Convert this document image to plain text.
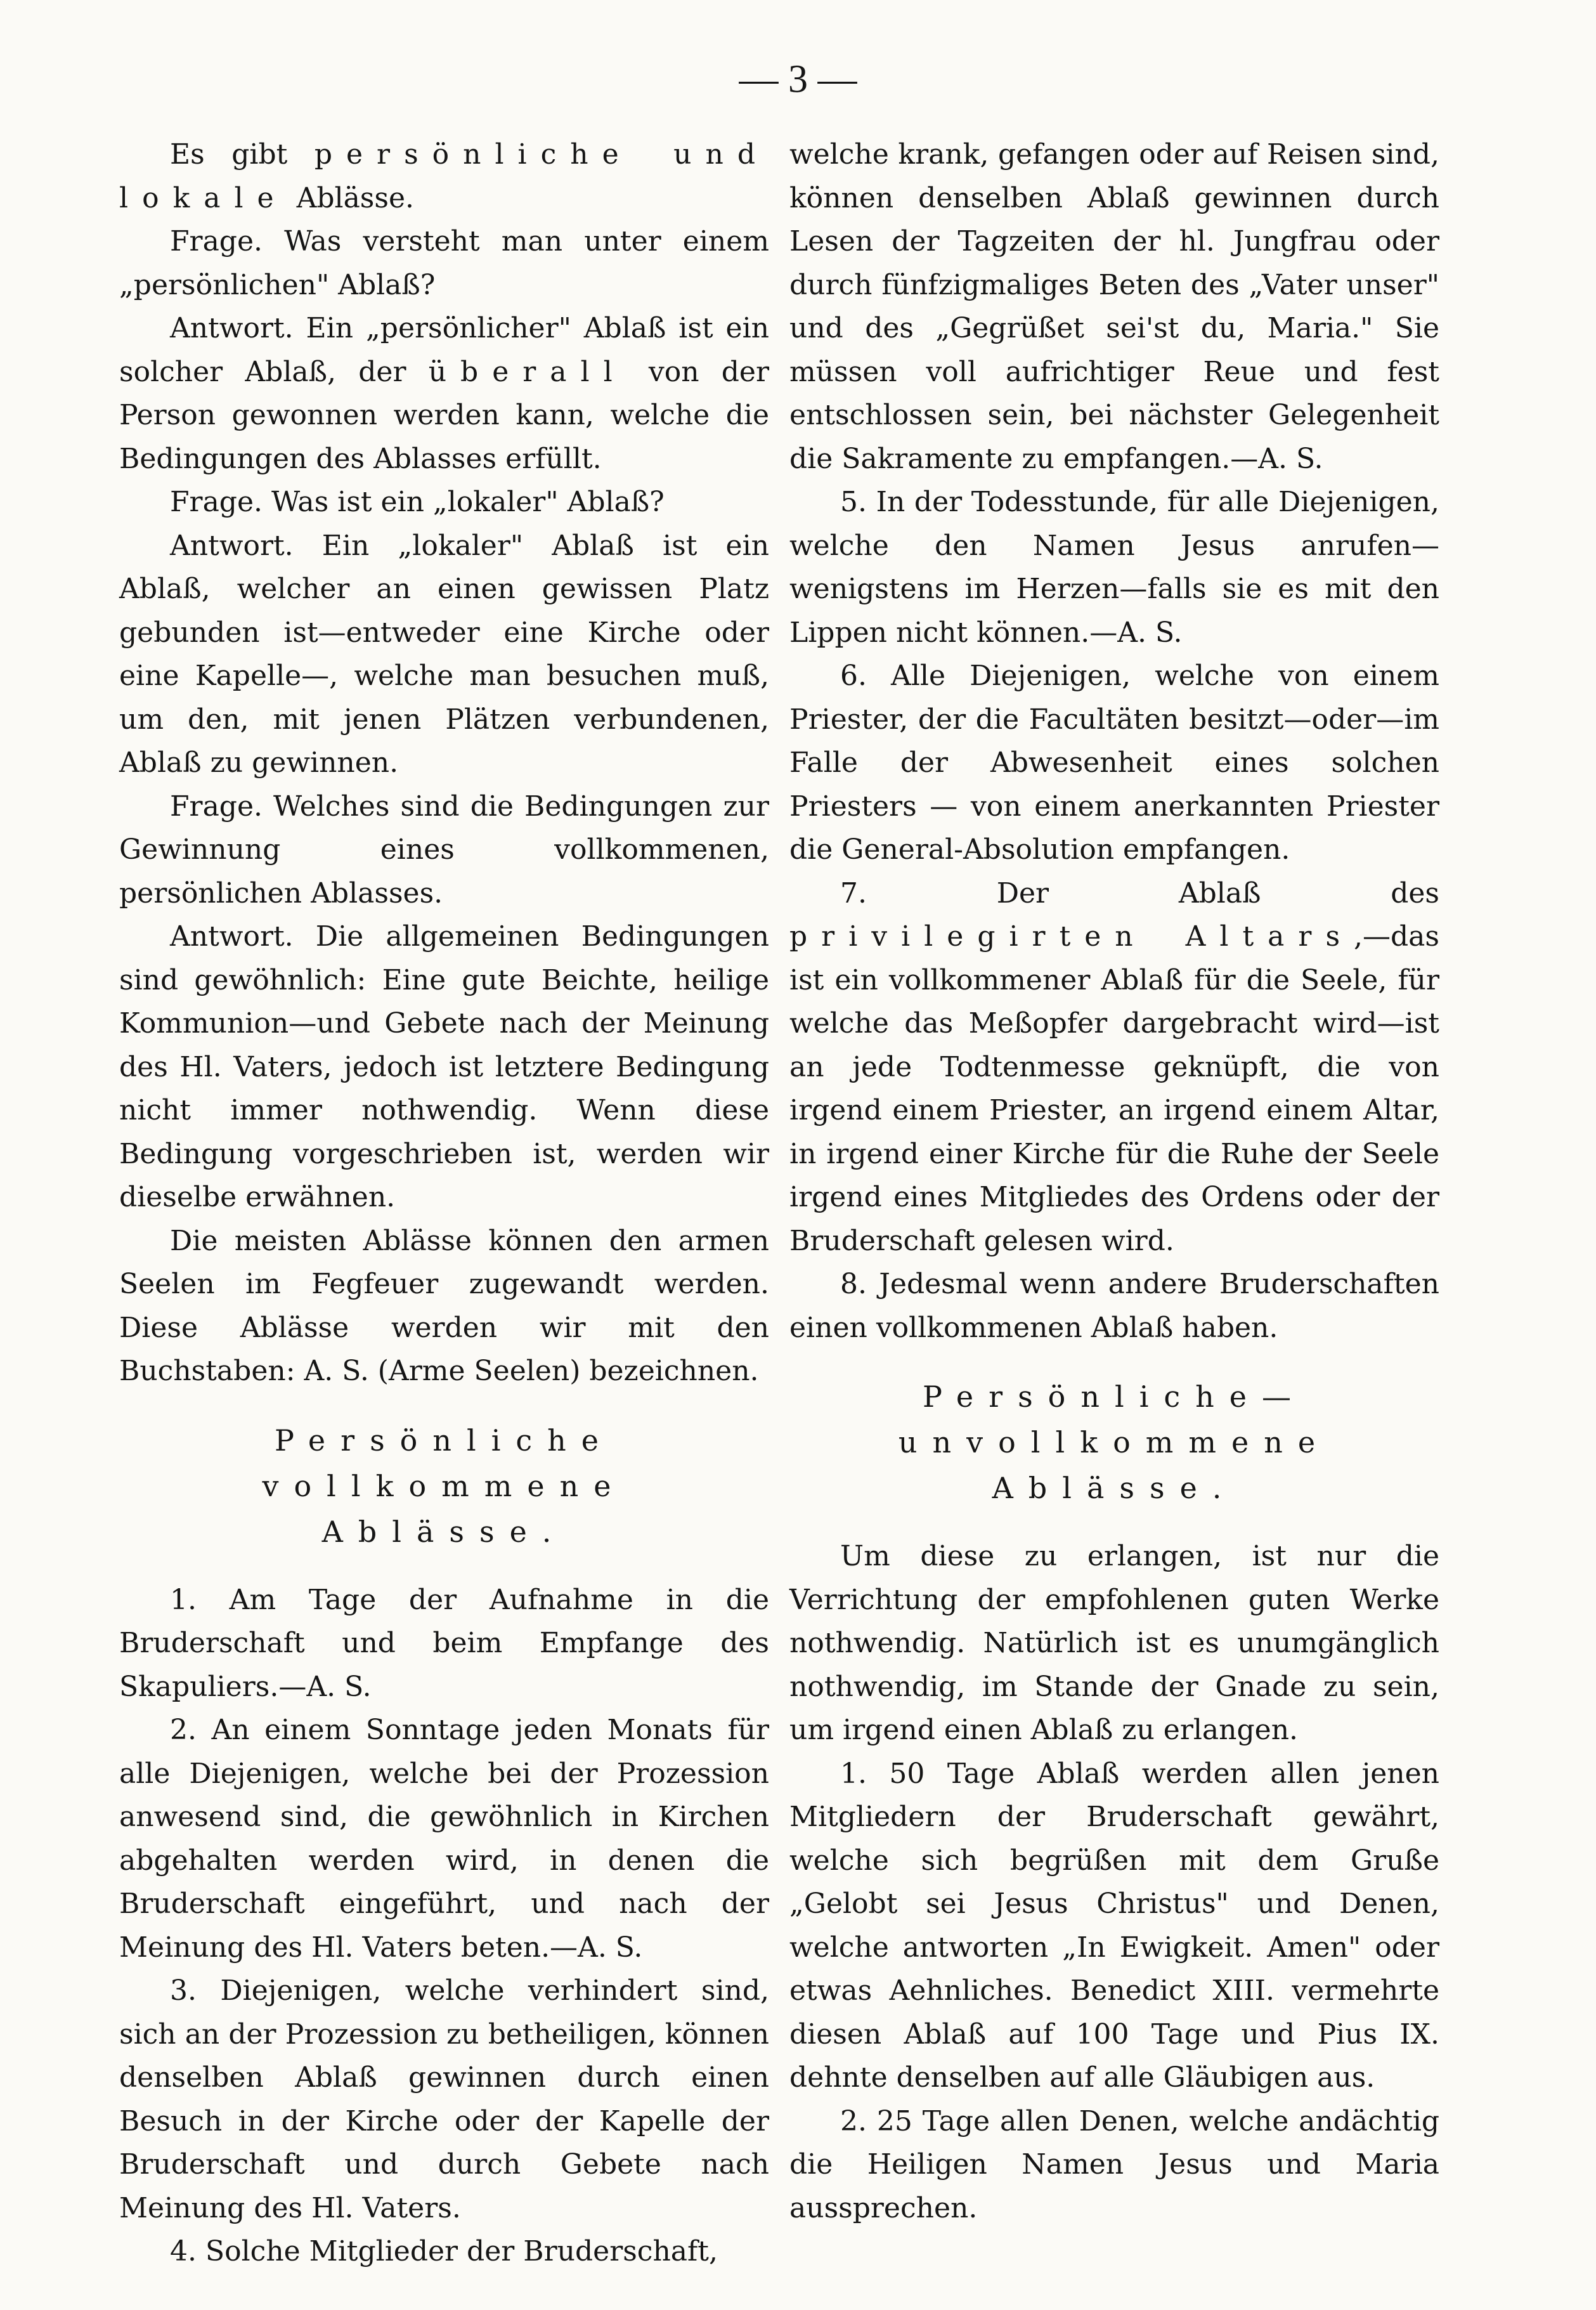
— 3 —

Es gibt persönliche und lokale Ablässe.

Frage. Was versteht man unter einem „persönlichen" Ablaß?

Antwort. Ein „persönlicher" Ablaß ist ein solcher Ablaß, der überall von der Person gewonnen werden kann, welche die Bedingungen des Ablasses erfüllt.

Frage. Was ist ein „lokaler" Ablaß?

Antwort. Ein „lokaler" Ablaß ist ein Ablaß, welcher an einen gewissen Platz gebunden ist—entweder eine Kirche oder eine Kapelle—, welche man besuchen muß, um den, mit jenen Plätzen verbundenen, Ablaß zu gewinnen.

Frage. Welches sind die Bedingungen zur Gewinnung eines vollkommenen, persönlichen Ablasses.

Antwort. Die allgemeinen Bedingungen sind gewöhnlich: Eine gute Beichte, heilige Kommunion—und Gebete nach der Meinung des Hl. Vaters, jedoch ist letztere Bedingung nicht immer nothwendig. Wenn diese Bedingung vorgeschrieben ist, werden wir dieselbe erwähnen.

Die meisten Ablässe können den armen Seelen im Fegfeuer zugewandt werden. Diese Ablässe werden wir mit den Buchstaben: A. S. (Arme Seelen) bezeichnen.

Persönliche vollkommene

Ablässe.

1. Am Tage der Aufnahme in die Bruderschaft und beim Empfange des Skapuliers.—A. S.

2. An einem Sonntage jeden Monats für alle Diejenigen, welche bei der Prozession anwesend sind, die gewöhnlich in Kirchen abgehalten werden wird, in denen die Bruderschaft eingeführt, und nach der Meinung des Hl. Vaters beten.—A. S.

3. Diejenigen, welche verhindert sind, sich an der Prozession zu betheiligen, können denselben Ablaß gewinnen durch einen Besuch in der Kirche oder der Kapelle der Bruderschaft und durch Gebete nach Meinung des Hl. Vaters.

4. Solche Mitglieder der Bruderschaft,

welche krank, gefangen oder auf Reisen sind, können denselben Ablaß gewinnen durch Lesen der Tagzeiten der hl. Jungfrau oder durch fünfzigmaliges Beten des „Vater unser" und des „Gegrüßet sei'st du, Maria." Sie müssen voll aufrichtiger Reue und fest entschlossen sein, bei nächster Gelegenheit die Sakramente zu empfangen.—A. S.

5. In der Todesstunde, für alle Diejenigen, welche den Namen Jesus anrufen—wenigstens im Herzen—falls sie es mit den Lippen nicht können.—A. S.

6. Alle Diejenigen, welche von einem Priester, der die Facultäten besitzt—oder—im Falle der Abwesenheit eines solchen Priesters — von einem anerkannten Priester die General-Absolution empfangen.

7. Der Ablaß des privilegirten Altars,—das ist ein vollkommener Ablaß für die Seele, für welche das Meßopfer dargebracht wird—ist an jede Todtenmesse geknüpft, die von irgend einem Priester, an irgend einem Altar, in irgend einer Kirche für die Ruhe der Seele irgend eines Mitgliedes des Ordens oder der Bruderschaft gelesen wird.

8. Jedesmal wenn andere Bruderschaften einen vollkommenen Ablaß haben.

Persönliche—unvollkommene

Ablässe.

Um diese zu erlangen, ist nur die Verrichtung der empfohlenen guten Werke nothwendig. Natürlich ist es unumgänglich nothwendig, im Stande der Gnade zu sein, um irgend einen Ablaß zu erlangen.

1. 50 Tage Ablaß werden allen jenen Mitgliedern der Bruderschaft gewährt, welche sich begrüßen mit dem Gruße „Gelobt sei Jesus Christus" und Denen, welche antworten „In Ewigkeit. Amen" oder etwas Aehnliches. Benedict XIII. vermehrte diesen Ablaß auf 100 Tage und Pius IX. dehnte denselben auf alle Gläubigen aus.

2. 25 Tage allen Denen, welche andächtig die Heiligen Namen Jesus und Maria aussprechen.
